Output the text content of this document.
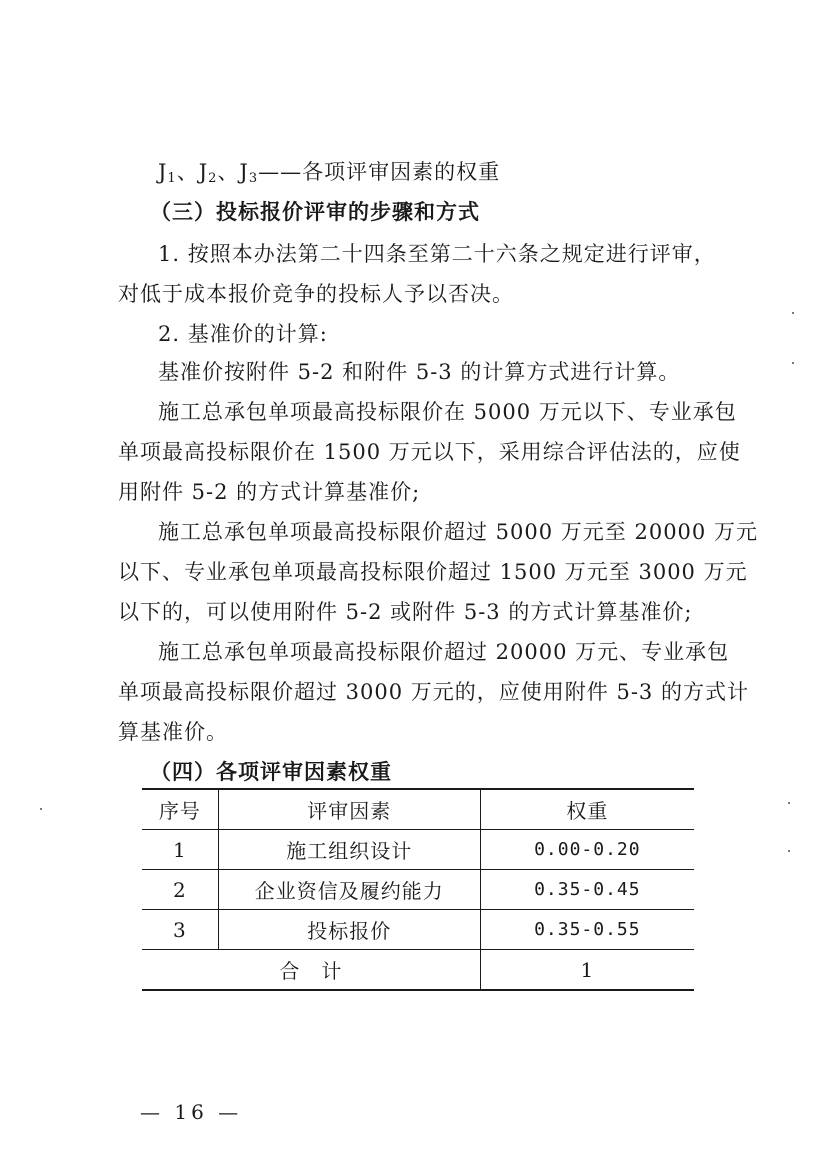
$J_1$、$J_2$、$J_3——$各项评审因素的权重
（三）投标报价评审的步骤和方式
1. 按照本办法第二十四条至第二十六条之规定进行评审，
对低于成本报价竞争的投标人予以否决。
2. 基准价的计算:
基准价按附件 5-2 和附件 5-3 的计算方式进行计算。
施工总承包单项最高投标限价在 5000 万元以下、专业承包
单项最高投标限价在 1500 万元以下，采用综合评估法的，应使
用附件 5-2 的方式计算基准价;
施工总承包单项最高投标限价超过 5000 万元至 20000 万元
以下、专业承包单项最高投标限价超过 1500 万元至 3000 万元
以下的，可以使用附件 5-2 或附件 5-3 的方式计算基准价;
施工总承包单项最高投标限价超过 20000 万元、专业承包
单项最高投标限价超过 3000 万元的，应使用附件 5-3 的方式计
算基准价。
（四）各项评审因素权重
序号	评审因素	权重
1	施工组织设计	0.00-0.20
2	企业资信及履约能力	0.35-0.45
3	投标报价	0.35-0.55
合　计		1
— 16 —
